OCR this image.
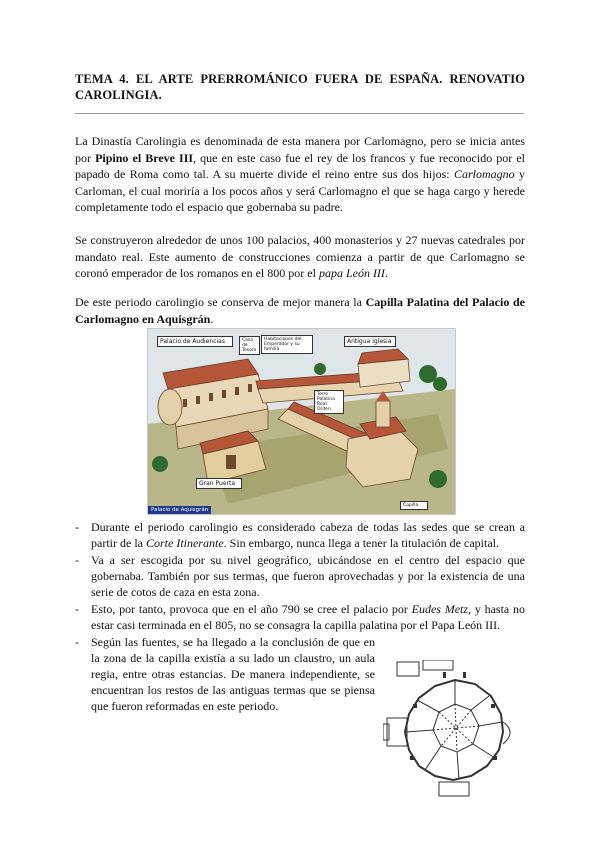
TEMA 4. EL ARTE PRERROMÁNICO FUERA DE ESPAÑA. RENOVATIO CAROLINGIA.

La Dinastía Carolingia es denominada de esta manera por Carlomagno, pero se inicia antes por Pipino el Breve III, que en este caso fue el rey de los francos y fue reconocido por el papado de Roma como tal. A su muerte divide el reino entre sus dos hijos: Carlomagno y Carloman, el cual moriría a los pocos años y será Carlomagno el que se haga cargo y herede completamente todo el espacio que gobernaba su padre.

Se construyeron alrededor de unos 100 palacios, 400 monasterios y 27 nuevas catedrales por mandato real. Este aumento de construcciones comienza a partir de que Carlomagno se coronó emperador de los romanos en el 800 por el papa León III.

De este periodo carolingio se conserva de mejor manera la Capilla Palatina del Palacio de Carlomagno en Aquisgrán.

Palacio de Audiencias	Casa de Tesoro
Habitaciones del Emperador y su familia
Antigua Iglesia
Torre Palatina Real Orden
Gran Puerta
Capilla
Palacio de Aquisgrán
- Durante el periodo carolingio es considerado cabeza de todas las sedes que se crean a partir de la Corte Itinerante. Sin embargo, nunca llega a tener la titulación de capital.
- Va a ser escogida por su nivel geográfico, ubicándose en el centro del espacio que gobernaba. También por sus termas, que fueron aprovechadas y por la existencia de una serie de cotos de caza en esta zona.
- Esto, por tanto, provoca que en el año 790 se cree el palacio por Eudes Metz, y hasta no estar casi terminada en el 805, no se consagra la capilla palatina por el Papa León III.
- Según las fuentes, se ha llegado a la conclusión de que en la zona de la capilla existía a su lado un claustro, un aula regia, entre otras estancias. De manera independiente, se encuentran los restos de las antiguas termas que se piensa que fueron reformadas en este periodo.
